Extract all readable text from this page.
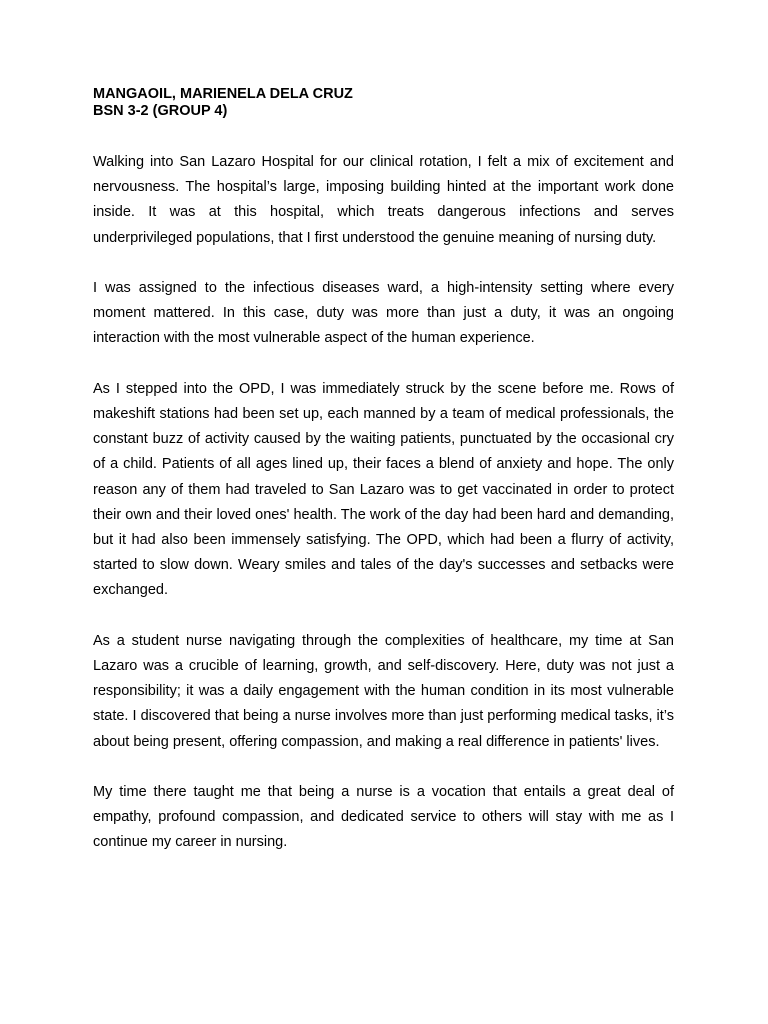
MANGAOIL, MARIENELA DELA CRUZ

BSN 3-2 (GROUP 4)

Walking into San Lazaro Hospital for our clinical rotation, I felt a mix of excitement and nervousness. The hospital’s large, imposing building hinted at the important work done inside. It was at this hospital, which treats dangerous infections and serves underprivileged populations, that I first understood the genuine meaning of nursing duty.

I was assigned to the infectious diseases ward, a high-intensity setting where every moment mattered. In this case, duty was more than just a duty, it was an ongoing interaction with the most vulnerable aspect of the human experience.

As I stepped into the OPD, I was immediately struck by the scene before me. Rows of makeshift stations had been set up, each manned by a team of medical professionals, the constant buzz of activity caused by the waiting patients, punctuated by the occasional cry of a child. Patients of all ages lined up, their faces a blend of anxiety and hope. The only reason any of them had traveled to San Lazaro was to get vaccinated in order to protect their own and their loved ones' health. The work of the day had been hard and demanding, but it had also been immensely satisfying. The OPD, which had been a flurry of activity, started to slow down. Weary smiles and tales of the day's successes and setbacks were exchanged.

As a student nurse navigating through the complexities of healthcare, my time at San Lazaro was a crucible of learning, growth, and self-discovery. Here, duty was not just a responsibility; it was a daily engagement with the human condition in its most vulnerable state. I discovered that being a nurse involves more than just performing medical tasks, it’s about being present, offering compassion, and making a real difference in patients' lives.

My time there taught me that being a nurse is a vocation that entails a great deal of empathy, profound compassion, and dedicated service to others will stay with me as I continue my career in nursing.
